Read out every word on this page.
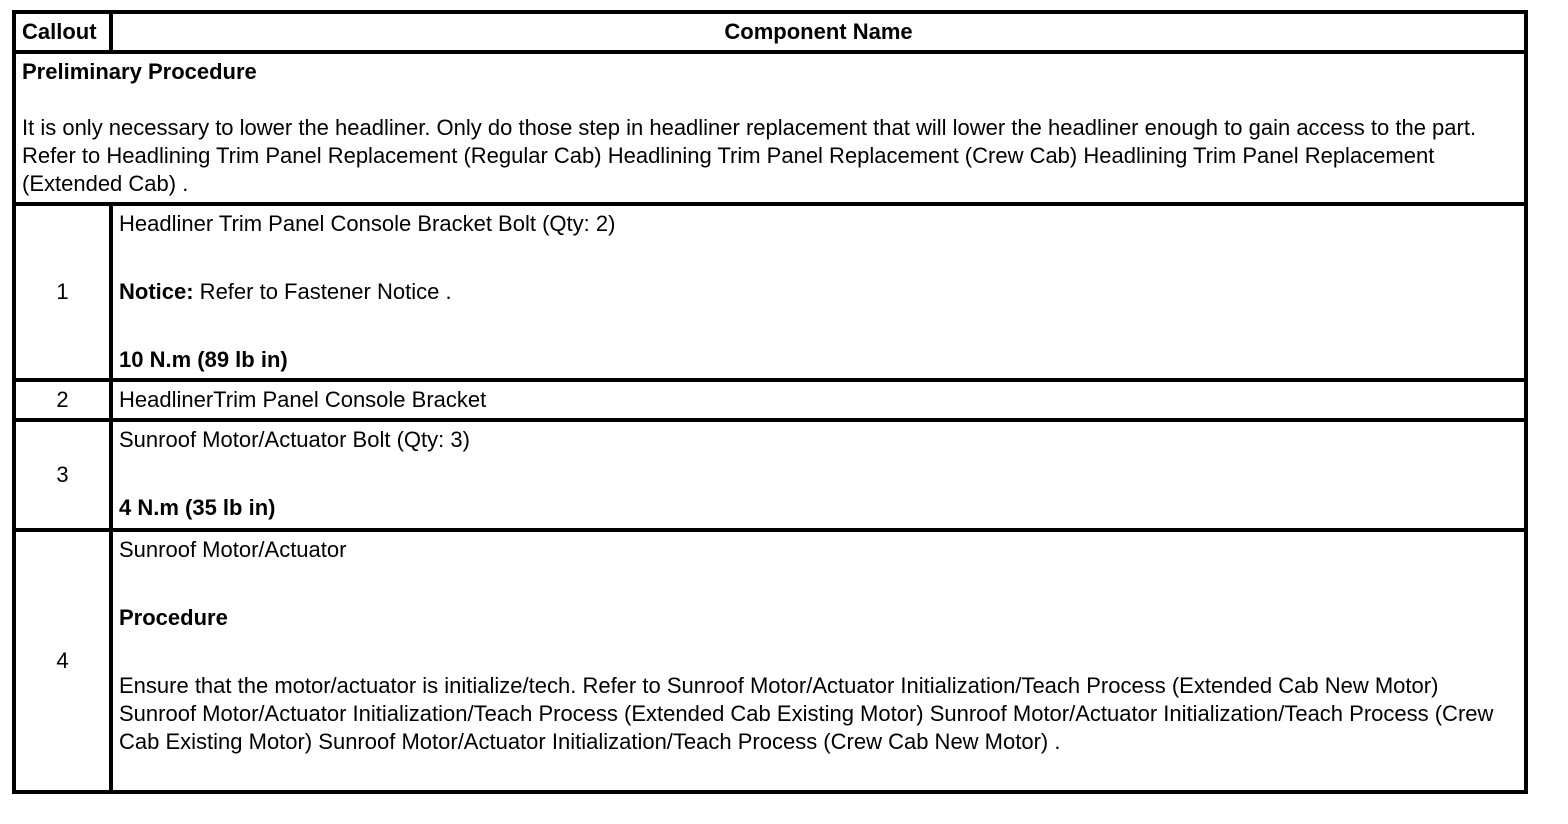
Callout	Component Name

Preliminary Procedure

It is only necessary to lower the headliner. Only do those step in headliner replacement that will lower the headliner enough to gain access to the part. Refer to Headlining Trim Panel Replacement (Regular Cab) Headlining Trim Panel Replacement (Crew Cab) Headlining Trim Panel Replacement (Extended Cab) .	

1	Headliner Trim Panel Console Bracket Bolt (Qty: 2)

Notice: Refer to Fastener Notice .

10 N.m (89 lb in)

2	HeadlinerTrim Panel Console Bracket
3	Sunroof Motor/Actuator Bolt (Qty: 3)

4 N.m (35 lb in)

4	Sunroof Motor/Actuator

Procedure

Ensure that the motor/actuator is initialize/tech. Refer to Sunroof Motor/Actuator Initialization/Teach Process (Extended Cab New Motor) Sunroof Motor/Actuator Initialization/Teach Process (Extended Cab Existing Motor) Sunroof Motor/Actuator Initialization/Teach Process (Crew Cab Existing Motor) Sunroof Motor/Actuator Initialization/Teach Process (Crew Cab New Motor) .
